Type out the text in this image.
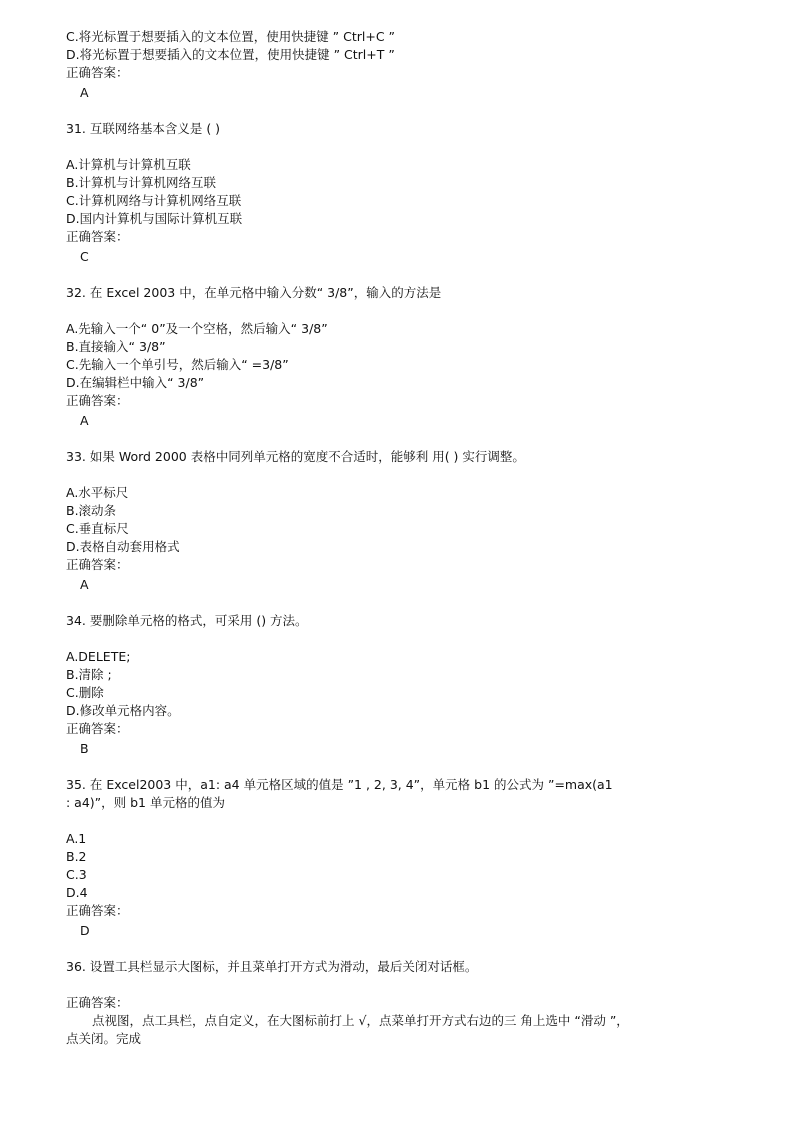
C.将光标置于想要插入的文本位置，使用快捷键 ” Ctrl+C ”
D.将光标置于想要插入的文本位置，使用快捷键 ” Ctrl+T ”
正确答案：
A
31. 互联网络基本含义是 ( )
A.计算机与计算机互联
B.计算机与计算机网络互联
C.计算机网络与计算机网络互联
D.国内计算机与国际计算机互联
正确答案：
C
32. 在 Excel 2003 中，在单元格中输入分数“ 3/8”，输入的方法是
A.先输入一个“ 0”及一个空格，然后输入“ 3/8”
B.直接输入“ 3/8”
C.先输入一个单引号，然后输入“ =3/8”
D.在编辑栏中输入“ 3/8”
正确答案：
A
33. 如果 Word 2000 表格中同列单元格的宽度不合适时，能够利 用( ) 实行调整。
A.水平标尺
B.滚动条
C.垂直标尺
D.表格自动套用格式
正确答案：
A
34. 要删除单元格的格式，可采用 () 方法。
A.DELETE;
B.清除 ;
C.删除
D.修改单元格内容。
正确答案：
B
35. 在 Excel2003 中，a1: a4 单元格区域的值是 ”1 , 2, 3, 4”，单元格 b1 的公式为 ”=max(a1
: a4)”，则 b1 单元格的值为
A.1
B.2
C.3
D.4
正确答案：
D
36. 设置工具栏显示大图标，并且菜单打开方式为滑动，最后关闭对话框。
正确答案：
点视图，点工具栏，点自定义，在大图标前打上 √，点菜单打开方式右边的三 角上选中 “滑动 ”，
点关闭。完成
